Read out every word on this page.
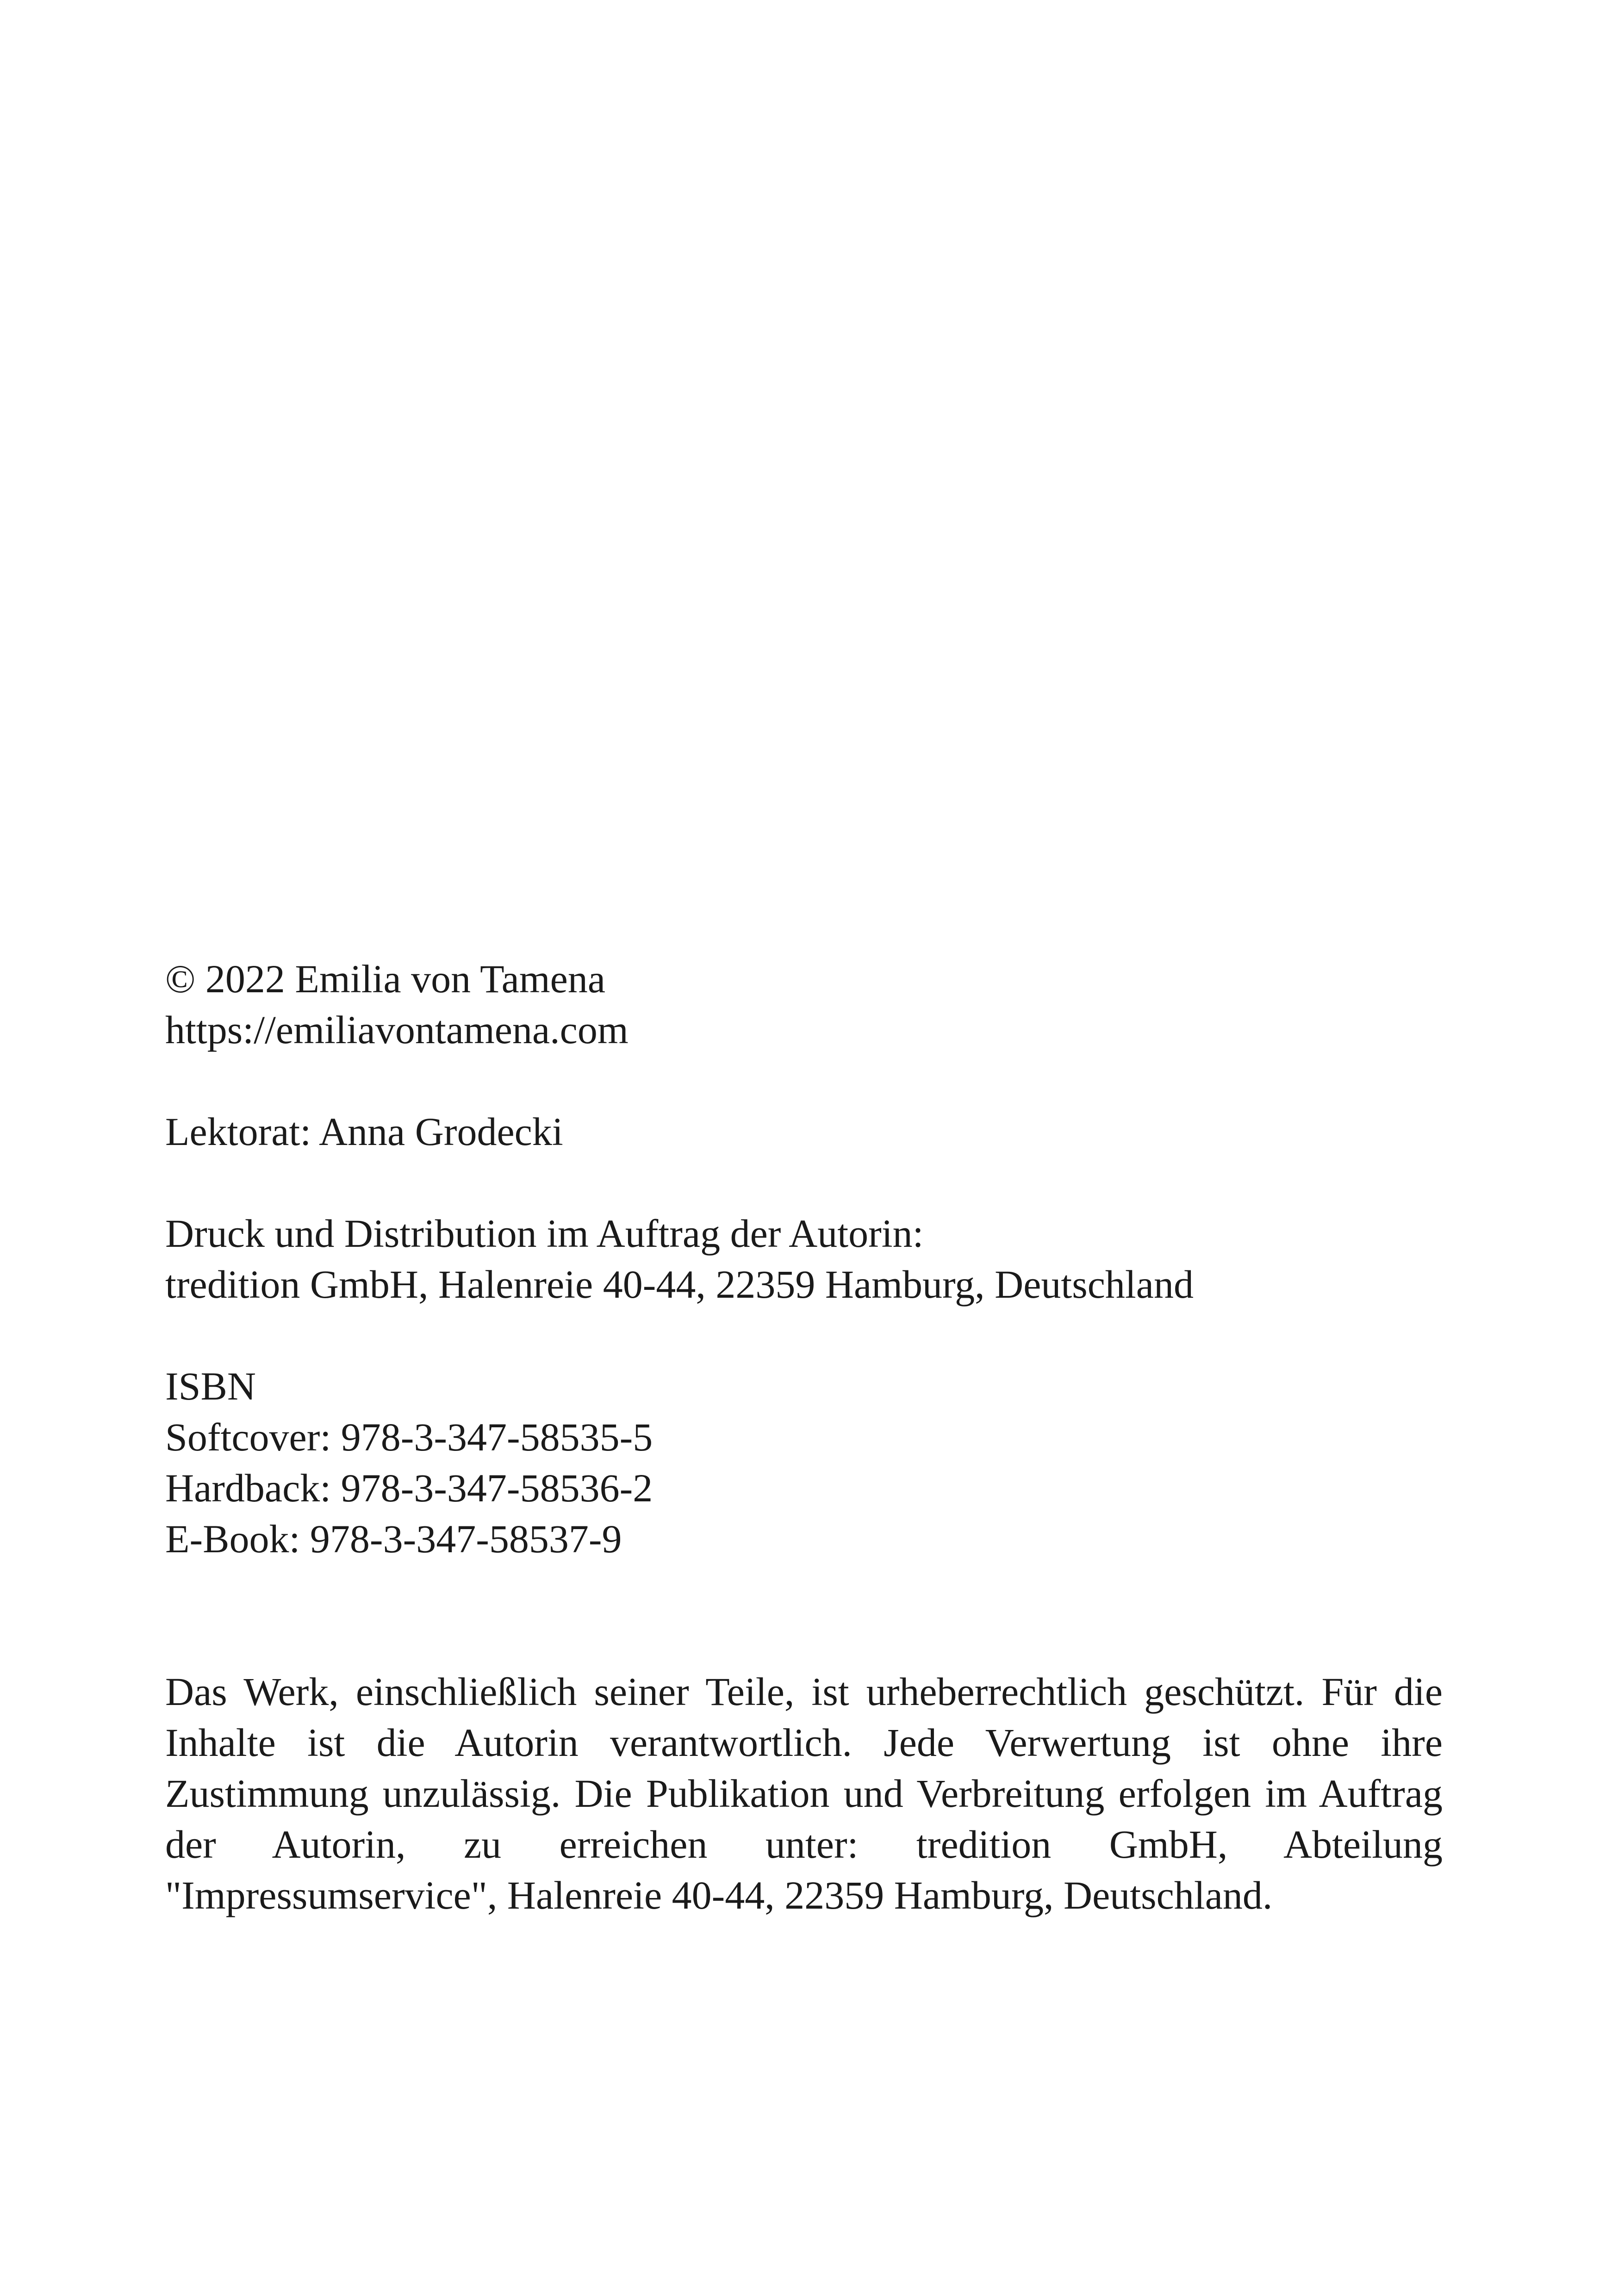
© 2022 Emilia von Tamena
https://emiliavontamena.com
Lektorat: Anna Grodecki
Druck und Distribution im Auftrag der Autorin:
tredition GmbH, Halenreie 40-44, 22359 Hamburg, Deutschland
ISBN
Softcover: 978-3-347-58535-5
Hardback: 978-3-347-58536-2
E-Book: 978-3-347-58537-9

Das Werk, einschließlich seiner Teile, ist urheberrechtlich geschützt. Für die Inhalte ist die Autorin verantwortlich. Jede Verwertung ist ohne ihre Zustimmung unzulässig. Die Publikation und Verbreitung erfolgen im Auftrag der Autorin, zu erreichen unter: tredition GmbH, Abteilung "Impressumservice", Halenreie 40-44, 22359 Hamburg, Deutschland.
